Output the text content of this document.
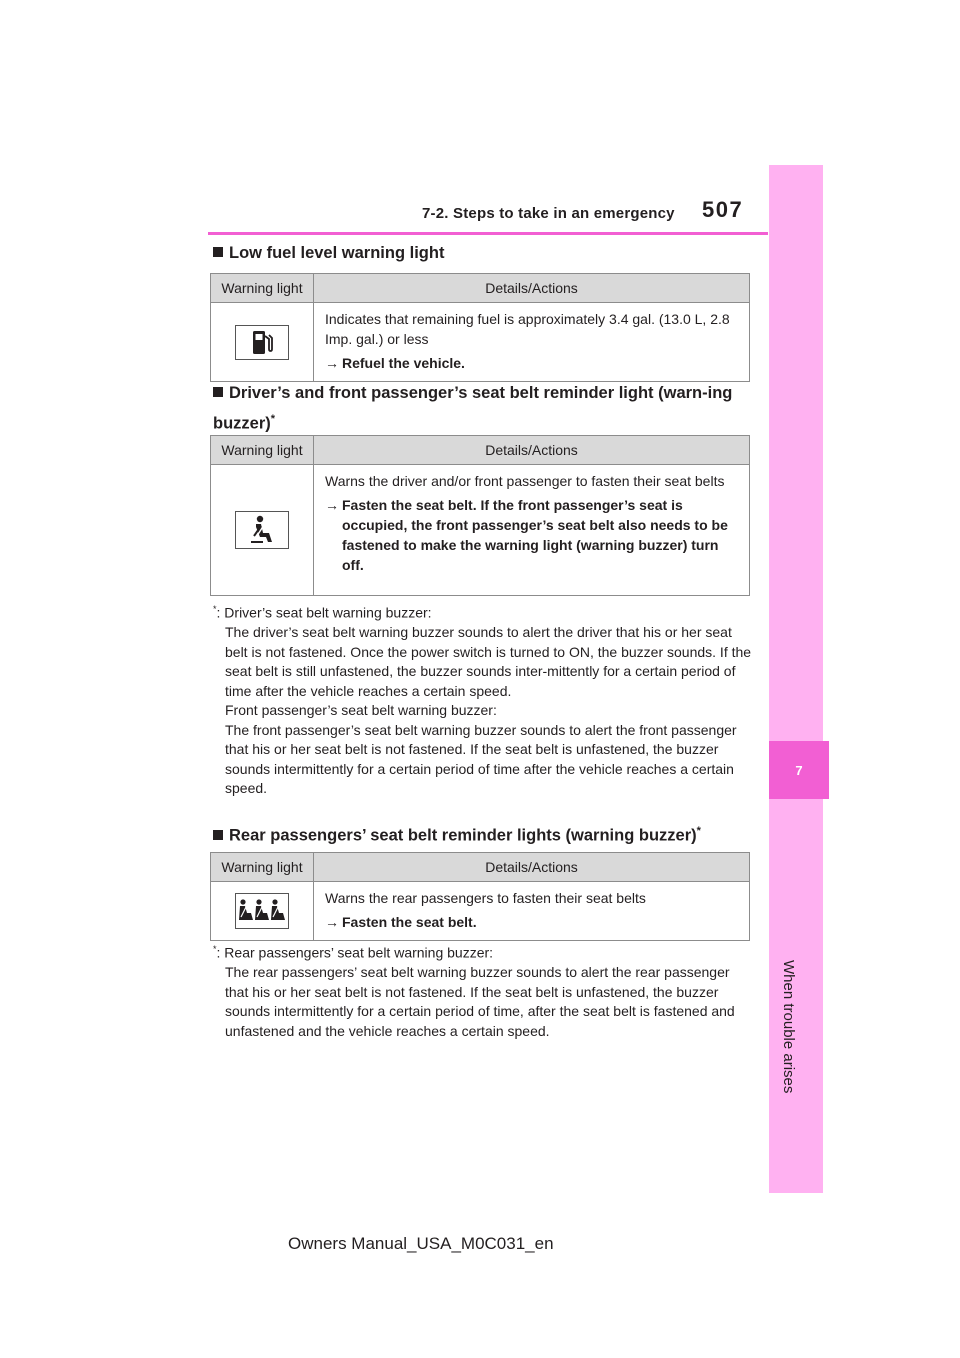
7-2. Steps to take in an emergency 507
7
When trouble arises
Low fuel level warning light
Warning light	Details/Actions

Indicates that remaining fuel is approximately 3.4 gal. (13.0 L, 2.8 Imp. gal.) or less
→ Refuel the vehicle.
Driver’s and front passenger’s seat belt reminder light (warn-ing buzzer)*
Warning light	Details/Actions

Warns the driver and/or front passenger to fasten their seat belts
→ Fasten the seat belt. If the front passenger’s seat is occupied, the front passenger’s seat belt also needs to be fastened to make the warning light (warning buzzer) turn off.
*: Driver’s seat belt warning buzzer:
The driver’s seat belt warning buzzer sounds to alert the driver that his or her seat belt is not fastened. Once the power switch is turned to ON, the buzzer sounds. If the seat belt is still unfastened, the buzzer sounds inter-mittently for a certain period of time after the vehicle reaches a certain speed.
Front passenger’s seat belt warning buzzer:
The front passenger’s seat belt warning buzzer sounds to alert the front passenger that his or her seat belt is not fastened. If the seat belt is unfastened, the buzzer sounds intermittently for a certain period of time after the vehicle reaches a certain speed.
Rear passengers’ seat belt reminder lights (warning buzzer)*
Warning light	Details/Actions

Warns the rear passengers to fasten their seat belts
→ Fasten the seat belt.
*: Rear passengers’ seat belt warning buzzer:
The rear passengers’ seat belt warning buzzer sounds to alert the rear passenger that his or her seat belt is not fastened. If the seat belt is unfastened, the buzzer sounds intermittently for a certain period of time, after the seat belt is fastened and unfastened and the vehicle reaches a certain speed.
Owners Manual_USA_M0C031_en
